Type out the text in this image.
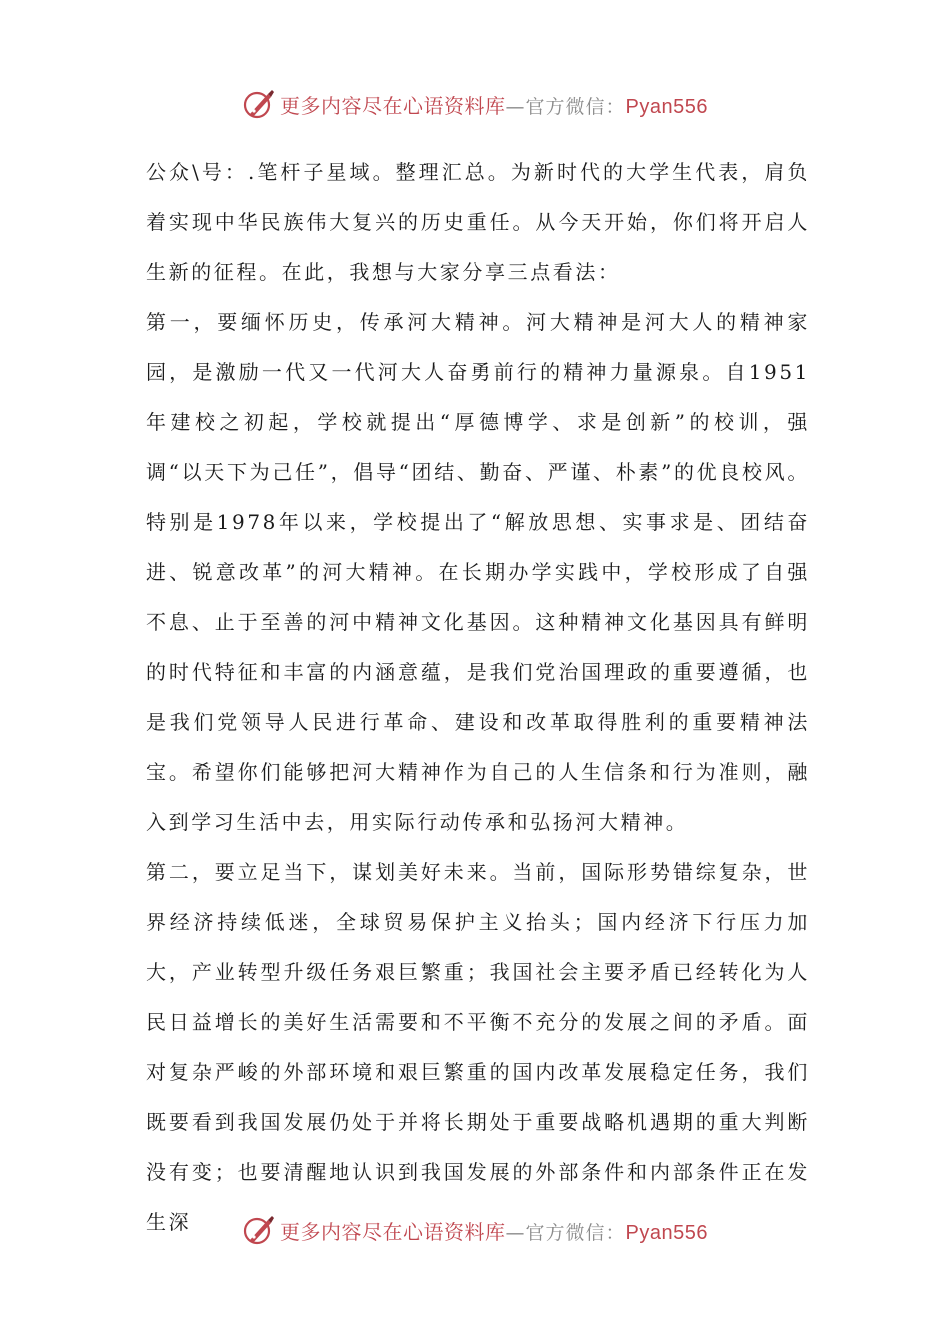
更多内容尽在心语资料库—官方微信：Pyan556

公众\号：.笔杆子星域。整理汇总。为新时代的大学生代表，肩负着实现中华民族伟大复兴的历史重任。从今天开始，你们将开启人生新的征程。在此，我想与大家分享三点看法：

第一，要缅怀历史，传承河大精神。河大精神是河大人的精神家园，是激励一代又一代河大人奋勇前行的精神力量源泉。自1951年建校之初起，学校就提出“厚德博学、求是创新”的校训，强调“以天下为己任”，倡导“团结、勤奋、严谨、朴素”的优良校风。特别是1978年以来，学校提出了“解放思想、实事求是、团结奋进、锐意改革”的河大精神。在长期办学实践中，学校形成了自强不息、止于至善的河中精神文化基因。这种精神文化基因具有鲜明的时代特征和丰富的内涵意蕴，是我们党治国理政的重要遵循，也是我们党领导人民进行革命、建设和改革取得胜利的重要精神法宝。希望你们能够把河大精神作为自己的人生信条和行为准则，融入到学习生活中去，用实际行动传承和弘扬河大精神。

第二，要立足当下，谋划美好未来。当前，国际形势错综复杂，世界经济持续低迷，全球贸易保护主义抬头；国内经济下行压力加大，产业转型升级任务艰巨繁重；我国社会主要矛盾已经转化为人民日益增长的美好生活需要和不平衡不充分的发展之间的矛盾。面对复杂严峻的外部环境和艰巨繁重的国内改革发展稳定任务，我们既要看到我国发展仍处于并将长期处于重要战略机遇期的重大判断没有变；也要清醒地认识到我国发展的外部条件和内部条件正在发生深	更多内容尽在心语资料库—官方微信：Pyan556
